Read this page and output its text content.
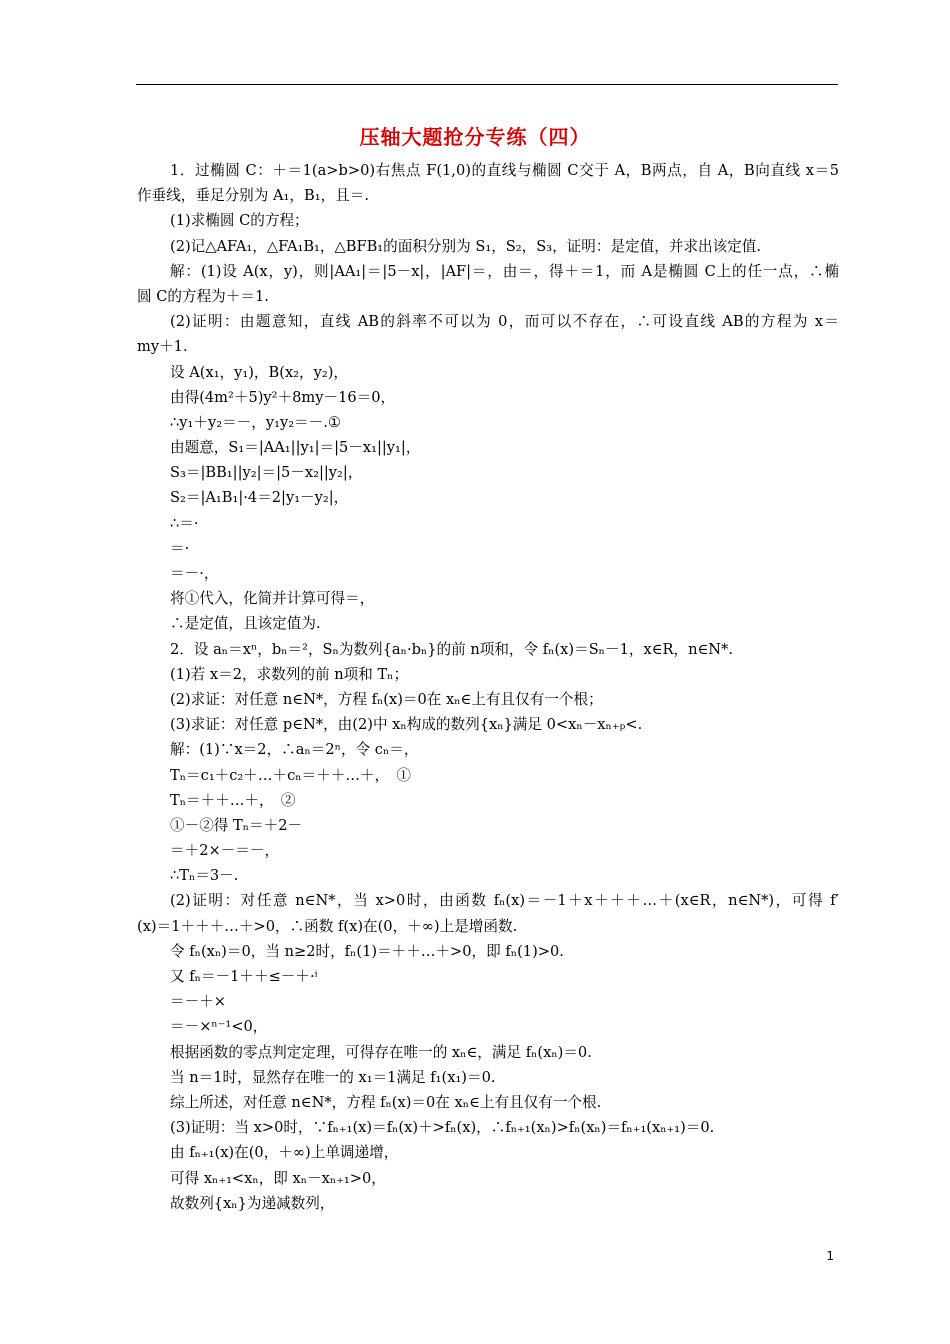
压轴大题抢分专练（四）
1．过椭圆 C：＋＝1(a>b>0)右焦点 F(1,0)的直线与椭圆 C交于 A，B两点，自 A，B向直线 x＝5
作垂线，垂足分别为 A₁，B₁，且＝.
(1)求椭圆 C的方程；
(2)记△AFA₁，△FA₁B₁，△BFB₁的面积分别为 S₁，S₂，S₃，证明：是定值，并求出该定值.
解：(1)设 A(x，y)，则|AA₁|＝|5－x|，|AF|＝，由＝，得＋＝1，而 A是椭圆 C上的任一点，∴椭
圆 C的方程为＋＝1.
(2)证明：由题意知，直线 AB的斜率不可以为 0，而可以不存在，∴可设直线 AB的方程为 x＝
my＋1.
设 A(x₁，y₁)，B(x₂，y₂)，
由得(4m²＋5)y²＋8my－16＝0，
∴y₁＋y₂＝－，y₁y₂＝－.①
由题意，S₁＝|AA₁||y₁|＝|5－x₁||y₁|，
S₃＝|BB₁||y₂|＝|5－x₂||y₂|，
S₂＝|A₁B₁|·4＝2|y₁－y₂|，
∴＝·
＝·
＝－·，
将①代入，化简并计算可得＝，
∴是定值，且该定值为.
2．设 aₙ＝xⁿ，bₙ＝²，Sₙ为数列{aₙ·bₙ}的前 n项和，令 fₙ(x)＝Sₙ－1，x∈R，n∈N*.
(1)若 x＝2，求数列的前 n项和 Tₙ；
(2)求证：对任意 n∈N*，方程 fₙ(x)＝0在 xₙ∈上有且仅有一个根；
(3)求证：对任意 p∈N*，由(2)中 xₙ构成的数列{xₙ}满足 0<xₙ－xₙ₊ₚ<.
解：(1)∵x＝2，∴aₙ＝2ⁿ，令 cₙ＝，
Tₙ＝c₁＋c₂＋…＋cₙ＝＋＋…＋，　①
Tₙ＝＋＋…＋，　②
①－②得 Tₙ＝＋2－
＝＋2×－＝－，
∴Tₙ＝3－.
(2)证明：对任意 n∈N*，当 x>0时，由函数 fₙ(x)＝－1＋x＋＋＋…＋(x∈R，n∈N*)，可得 f′
(x)＝1＋＋＋…＋>0，∴函数 f(x)在(0，＋∞)上是增函数.
令 fₙ(xₙ)＝0，当 n≥2时，fₙ(1)＝＋＋…＋>0，即 fₙ(1)>0.
又 fₙ＝－1＋＋≤－＋·ⁱ
＝－＋×
＝－×ⁿ⁻¹<0，
根据函数的零点判定定理，可得存在唯一的 xₙ∈，满足 fₙ(xₙ)＝0.
当 n＝1时，显然存在唯一的 x₁＝1满足 f₁(x₁)＝0.
综上所述，对任意 n∈N*，方程 fₙ(x)＝0在 xₙ∈上有且仅有一个根.
(3)证明：当 x>0时，∵fₙ₊₁(x)＝fₙ(x)＋>fₙ(x)，∴fₙ₊₁(xₙ)>fₙ(xₙ)＝fₙ₊₁(xₙ₊₁)＝0.
由 fₙ₊₁(x)在(0，＋∞)上单调递增，
可得 xₙ₊₁<xₙ，即 xₙ－xₙ₊₁>0，
故数列{xₙ}为递减数列，
1
